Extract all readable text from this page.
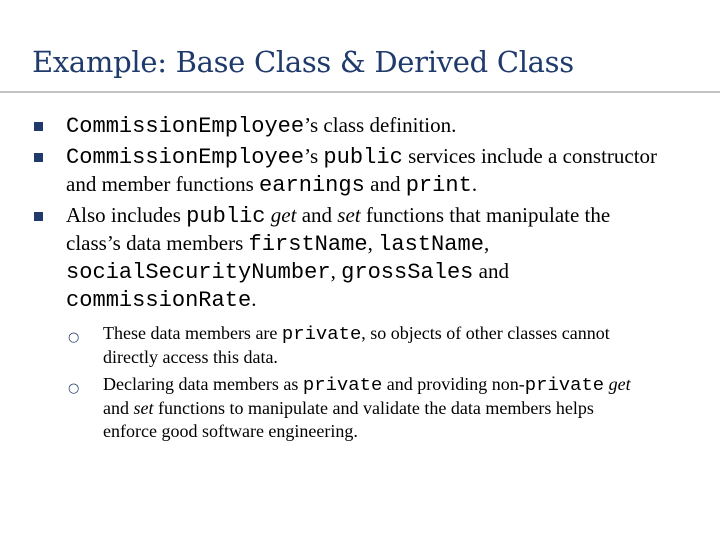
Example: Base Class & Derived Class
CommissionEmployee’s class definition.
CommissionEmployee’s public services include a constructor and member functions earnings and print.
Also includes public get and set functions that manipulate the class’s data members firstName, lastName, socialSecurityNumber, grossSales and commissionRate.
○ These data members are private, so objects of other classes cannot directly access this data.
○ Declaring data members as private and providing non-private get and set functions to manipulate and validate the data members helps enforce good software engineering.
